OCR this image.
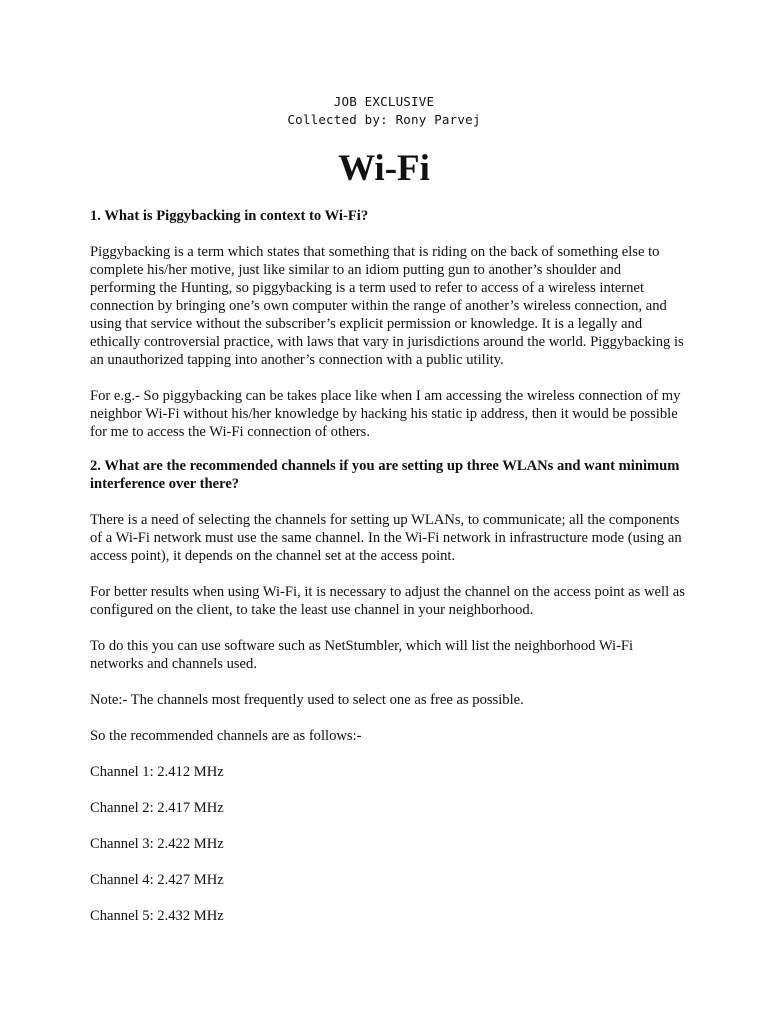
JOB EXCLUSIVE
Collected by: Rony Parvej
Wi-Fi

1. What is Piggybacking in context to Wi-Fi?

Piggybacking is a term which states that something that is riding on the back of something else to complete his/her motive, just like similar to an idiom putting gun to another’s shoulder and performing the Hunting, so piggybacking is a term used to refer to access of a wireless internet connection by bringing one’s own computer within the range of another’s wireless connection, and using that service without the subscriber’s explicit permission or knowledge. It is a legally and ethically controversial practice, with laws that vary in jurisdictions around the world. Piggybacking is an unauthorized tapping into another’s connection with a public utility.

For e.g.- So piggybacking can be takes place like when I am accessing the wireless connection of my neighbor Wi-Fi without his/her knowledge by hacking his static ip address, then it would be possible for me to access the Wi-Fi connection of others.

2. What are the recommended channels if you are setting up three WLANs and want minimum interference over there?

There is a need of selecting the channels for setting up WLANs, to communicate; all the components of a Wi-Fi network must use the same channel. In the Wi-Fi network in infrastructure mode (using an access point), it depends on the channel set at the access point.

For better results when using Wi-Fi, it is necessary to adjust the channel on the access point as well as configured on the client, to take the least use channel in your neighborhood.

To do this you can use software such as NetStumbler, which will list the neighborhood Wi-Fi networks and channels used.

Note:- The channels most frequently used to select one as free as possible.

So the recommended channels are as follows:-

Channel 1: 2.412 MHz

Channel 2: 2.417 MHz

Channel 3: 2.422 MHz

Channel 4: 2.427 MHz

Channel 5: 2.432 MHz
